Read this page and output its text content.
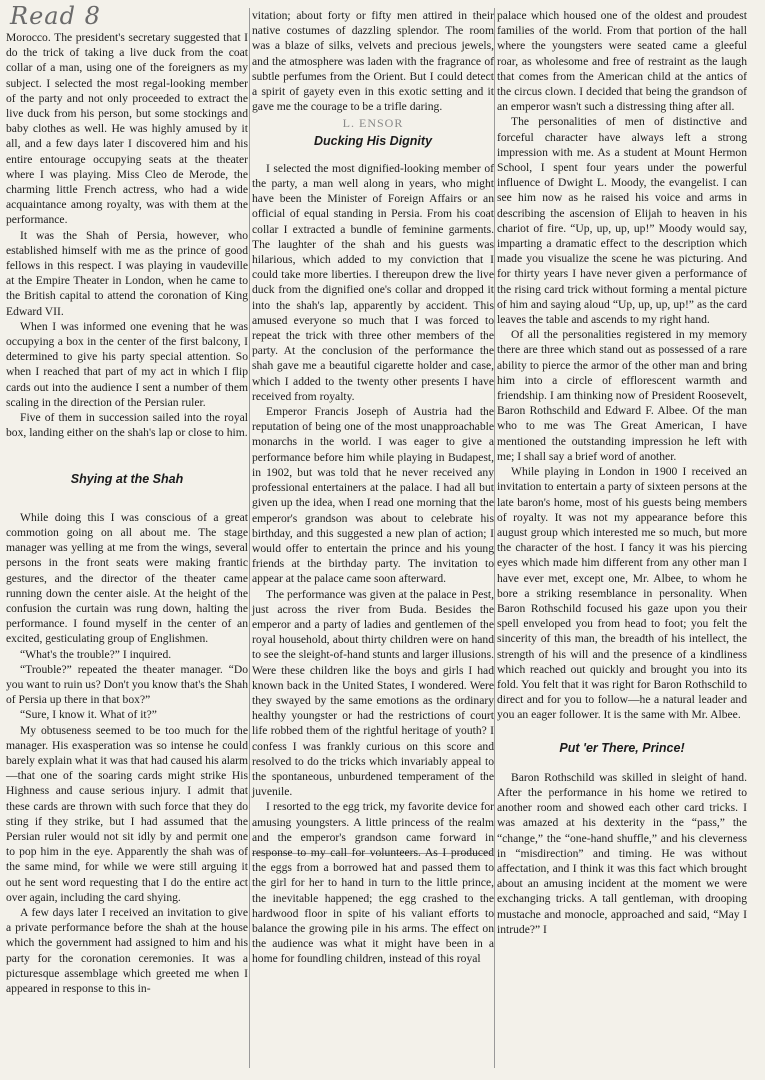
Read 8

Morocco. The president's secretary suggested that I do the trick of taking a live duck from the coat collar of a man, using one of the foreigners as my subject. I selected the most regal-looking member of the party and not only proceeded to extract the live duck from his person, but some stockings and baby clothes as well. He was highly amused by it all, and a few days later I discovered him and his entire entourage occupying seats at the theater where I was playing. Miss Cleo de Merode, the charming little French actress, who had a wide acquaintance among royalty, was with them at the performance.

It was the Shah of Persia, however, who established himself with me as the prince of good fellows in this respect. I was playing in vaudeville at the Empire Theater in London, when he came to the British capital to attend the coronation of King Edward VII.

When I was informed one evening that he was occupying a box in the center of the first balcony, I determined to give his party special attention. So when I reached that part of my act in which I flip cards out into the audience I sent a number of them scaling in the direction of the Persian ruler.

Five of them in succession sailed into the royal box, landing either on the shah's lap or close to him.

Shying at the Shah

While doing this I was conscious of a great commotion going on all about me. The stage manager was yelling at me from the wings, several persons in the front seats were making frantic gestures, and the director of the theater came running down the center aisle. At the height of the confusion the curtain was rung down, halting the performance. I found myself in the center of an excited, gesticulating group of Englishmen.

“What's the trouble?” I inquired.

“Trouble?” repeated the theater manager. “Do you want to ruin us? Don't you know that's the Shah of Persia up there in that box?”

“Sure, I know it. What of it?”

My obtuseness seemed to be too much for the manager. His exasperation was so intense he could barely explain what it was that had caused his alarm—that one of the soaring cards might strike His Highness and cause serious injury. I admit that these cards are thrown with such force that they do sting if they strike, but I had assumed that the Persian ruler would not sit idly by and permit one to pop him in the eye. Apparently the shah was of the same mind, for while we were still arguing it out he sent word requesting that I do the entire act over again, including the card shying.

A few days later I received an invitation to give a private performance before the shah at the house which the government had assigned to him and his party for the coronation ceremonies. It was a picturesque assemblage which greeted me when I appeared in response to this in-

vitation; about forty or fifty men attired in their native costumes of dazzling splendor. The room was a blaze of silks, velvets and precious jewels, and the atmosphere was laden with the fragrance of subtle perfumes from the Orient. But I could detect a spirit of gayety even in this exotic setting and it gave me the courage to be a trifle daring.

L. ENSOR
Ducking His Dignity

I selected the most dignified-looking member of the party, a man well along in years, who might have been the Minister of Foreign Affairs or an official of equal standing in Persia. From his coat collar I extracted a bundle of feminine garments. The laughter of the shah and his guests was hilarious, which added to my conviction that I could take more liberties. I thereupon drew the live duck from the dignified one's collar and dropped it into the shah's lap, apparently by accident. This amused everyone so much that I was forced to repeat the trick with three other members of the party. At the conclusion of the performance the shah gave me a beautiful cigarette holder and case, which I added to the twenty other presents I have received from royalty.

Emperor Francis Joseph of Austria had the reputation of being one of the most unapproachable monarchs in the world. I was eager to give a performance before him while playing in Budapest, in 1902, but was told that he never received any professional entertainers at the palace. I had all but given up the idea, when I read one morning that the emperor's grandson was about to celebrate his birthday, and this suggested a new plan of action; I would offer to entertain the prince and his young friends at the birthday party. The invitation to appear at the palace came soon afterward.

The performance was given at the palace in Pest, just across the river from Buda. Besides the emperor and a party of ladies and gentlemen of the royal household, about thirty children were on hand to see the sleight-of-hand stunts and larger illusions. Were these children like the boys and girls I had known back in the United States, I wondered. Were they swayed by the same emotions as the ordinary healthy youngster or had the restrictions of court life robbed them of the rightful heritage of youth? I confess I was frankly curious on this score and resolved to do the tricks which invariably appeal to the spontaneous, unburdened temperament of the juvenile.

I resorted to the egg trick, my favorite device for amusing youngsters. A little princess of the realm and the emperor's grandson came forward in response to my call for volunteers. As I produced the eggs from a borrowed hat and passed them to the girl for her to hand in turn to the little prince, the inevitable happened; the egg crashed to the hardwood floor in spite of his valiant efforts to balance the growing pile in his arms. The effect on the audience was what it might have been in a home for foundling children, instead of this royal

palace which housed one of the oldest and proudest families of the world. From that portion of the hall where the youngsters were seated came a gleeful roar, as wholesome and free of restraint as the laugh that comes from the American child at the antics of the circus clown. I decided that being the grandson of an emperor wasn't such a distressing thing after all.

The personalities of men of distinctive and forceful character have always left a strong impression with me. As a student at Mount Hermon School, I spent four years under the powerful influence of Dwight L. Moody, the evangelist. I can see him now as he raised his voice and arms in describing the ascension of Elijah to heaven in his chariot of fire. “Up, up, up, up!” Moody would say, imparting a dramatic effect to the description which made you visualize the scene he was picturing. And for thirty years I have never given a performance of the rising card trick without forming a mental picture of him and saying aloud “Up, up, up, up!” as the card leaves the table and ascends to my right hand.

Of all the personalities registered in my memory there are three which stand out as possessed of a rare ability to pierce the armor of the other man and bring him into a circle of efflorescent warmth and friendship. I am thinking now of President Roosevelt, Baron Rothschild and Edward F. Albee. Of the man who to me was The Great American, I have mentioned the outstanding impression he left with me; I shall say a brief word of another.

While playing in London in 1900 I received an invitation to entertain a party of sixteen persons at the late baron's home, most of his guests being members of royalty. It was not my appearance before this august group which interested me so much, but more the character of the host. I fancy it was his piercing eyes which made him different from any other man I have ever met, except one, Mr. Albee, to whom he bore a striking resemblance in personality. When Baron Rothschild focused his gaze upon you their spell enveloped you from head to foot; you felt the sincerity of this man, the breadth of his intellect, the strength of his will and the presence of a kindliness which reached out quickly and brought you into its fold. You felt that it was right for Baron Rothschild to direct and for you to follow—he a natural leader and you an eager follower. It is the same with Mr. Albee.

Put 'er There, Prince!

Baron Rothschild was skilled in sleight of hand. After the performance in his home we retired to another room and showed each other card tricks. I was amazed at his dexterity in the “pass,” the “change,” the “one-hand shuffle,” and his cleverness in “misdirection” and timing. He was without affectation, and I think it was this fact which brought about an amusing incident at the moment we were exchanging tricks. A tall gentleman, with drooping mustache and monocle, approached and said, “May I intrude?” I
